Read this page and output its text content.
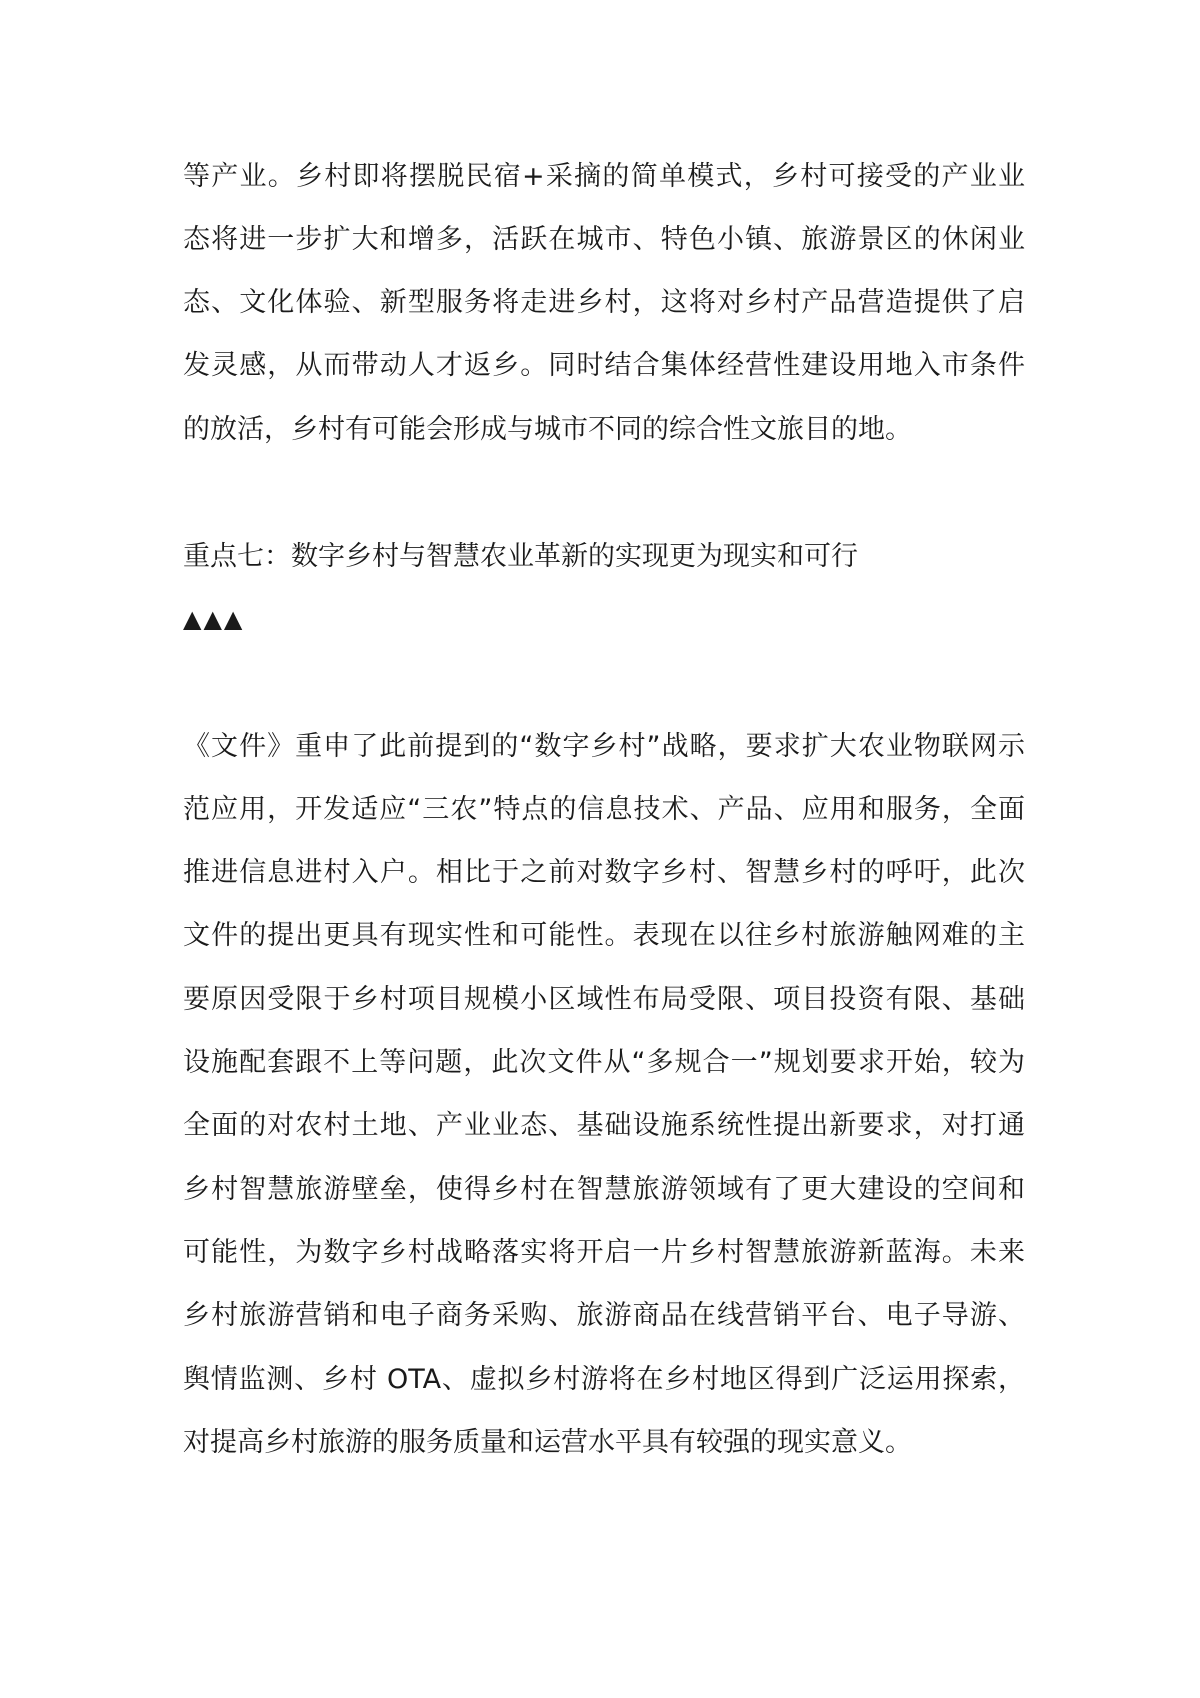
等产业。乡村即将摆脱民宿+采摘的简单模式，乡村可接受的产业业
态将进一步扩大和增多，活跃在城市、特色小镇、旅游景区的休闲业
态、文化体验、新型服务将走进乡村，这将对乡村产品营造提供了启
发灵感，从而带动人才返乡。同时结合集体经营性建设用地入市条件
的放活，乡村有可能会形成与城市不同的综合性文旅目的地。
重点七：数字乡村与智慧农业革新的实现更为现实和可行
▲▲▲
《文件》重申了此前提到的“数字乡村”战略，要求扩大农业物联网示
范应用，开发适应“三农”特点的信息技术、产品、应用和服务，全面
推进信息进村入户。相比于之前对数字乡村、智慧乡村的呼吁，此次
文件的提出更具有现实性和可能性。表现在以往乡村旅游触网难的主
要原因受限于乡村项目规模小区域性布局受限、项目投资有限、基础
设施配套跟不上等问题，此次文件从“多规合一”规划要求开始，较为
全面的对农村土地、产业业态、基础设施系统性提出新要求，对打通
乡村智慧旅游壁垒，使得乡村在智慧旅游领域有了更大建设的空间和
可能性，为数字乡村战略落实将开启一片乡村智慧旅游新蓝海。未来
乡村旅游营销和电子商务采购、旅游商品在线营销平台、电子导游、
舆情监测、乡村 OTA、虚拟乡村游将在乡村地区得到广泛运用探索，
对提高乡村旅游的服务质量和运营水平具有较强的现实意义。
